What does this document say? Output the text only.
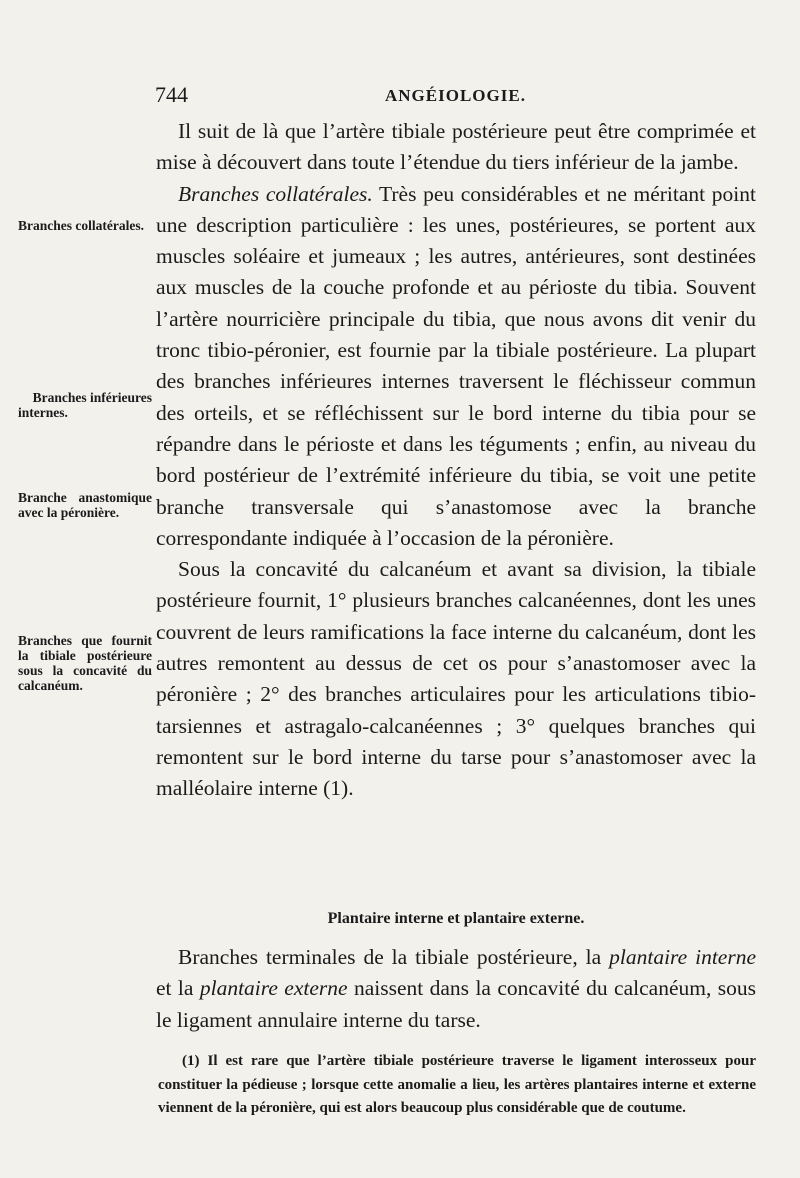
744	ANGÉIOLOGIE.
Branches collatérales.
Branches inférieures internes.
Branche anastomique avec la péronière.
Branches que fournit la tibiale postérieure sous la concavité du calcanéum.

Il suit de là que l’artère tibiale postérieure peut être comprimée et mise à découvert dans toute l’étendue du tiers inférieur de la jambe.

Branches collatérales. Très peu considérables et ne méritant point une description particulière : les unes, postérieures, se portent aux muscles soléaire et jumeaux ; les autres, antérieures, sont destinées aux muscles de la couche profonde et au périoste du tibia. Souvent l’artère nourricière principale du tibia, que nous avons dit venir du tronc tibio-péronier, est fournie par la tibiale postérieure. La plupart des branches inférieures internes traversent le fléchisseur commun des orteils, et se réfléchissent sur le bord interne du tibia pour se répandre dans le périoste et dans les téguments ; enfin, au niveau du bord postérieur de l’extrémité inférieure du tibia, se voit une petite branche transversale qui s’anastomose avec la branche correspondante indiquée à l’occasion de la péronière.

Sous la concavité du calcanéum et avant sa division, la tibiale postérieure fournit, 1° plusieurs branches calcanéennes, dont les unes couvrent de leurs ramifications la face interne du calcanéum, dont les autres remontent au dessus de cet os pour s’anastomoser avec la péronière ; 2° des branches articulaires pour les articulations tibio-tarsiennes et astragalo-calcanéennes ; 3° quelques branches qui remontent sur le bord interne du tarse pour s’anastomoser avec la malléolaire interne (1).

Plantaire interne et plantaire externe.

Branches terminales de la tibiale postérieure, la plantaire interne et la plantaire externe naissent dans la concavité du calcanéum, sous le ligament annulaire interne du tarse.

(1) Il est rare que l’artère tibiale postérieure traverse le ligament interosseux pour constituer la pédieuse ; lorsque cette anomalie a lieu, les artères plantaires interne et externe viennent de la péronière, qui est alors beaucoup plus considérable que de coutume.
